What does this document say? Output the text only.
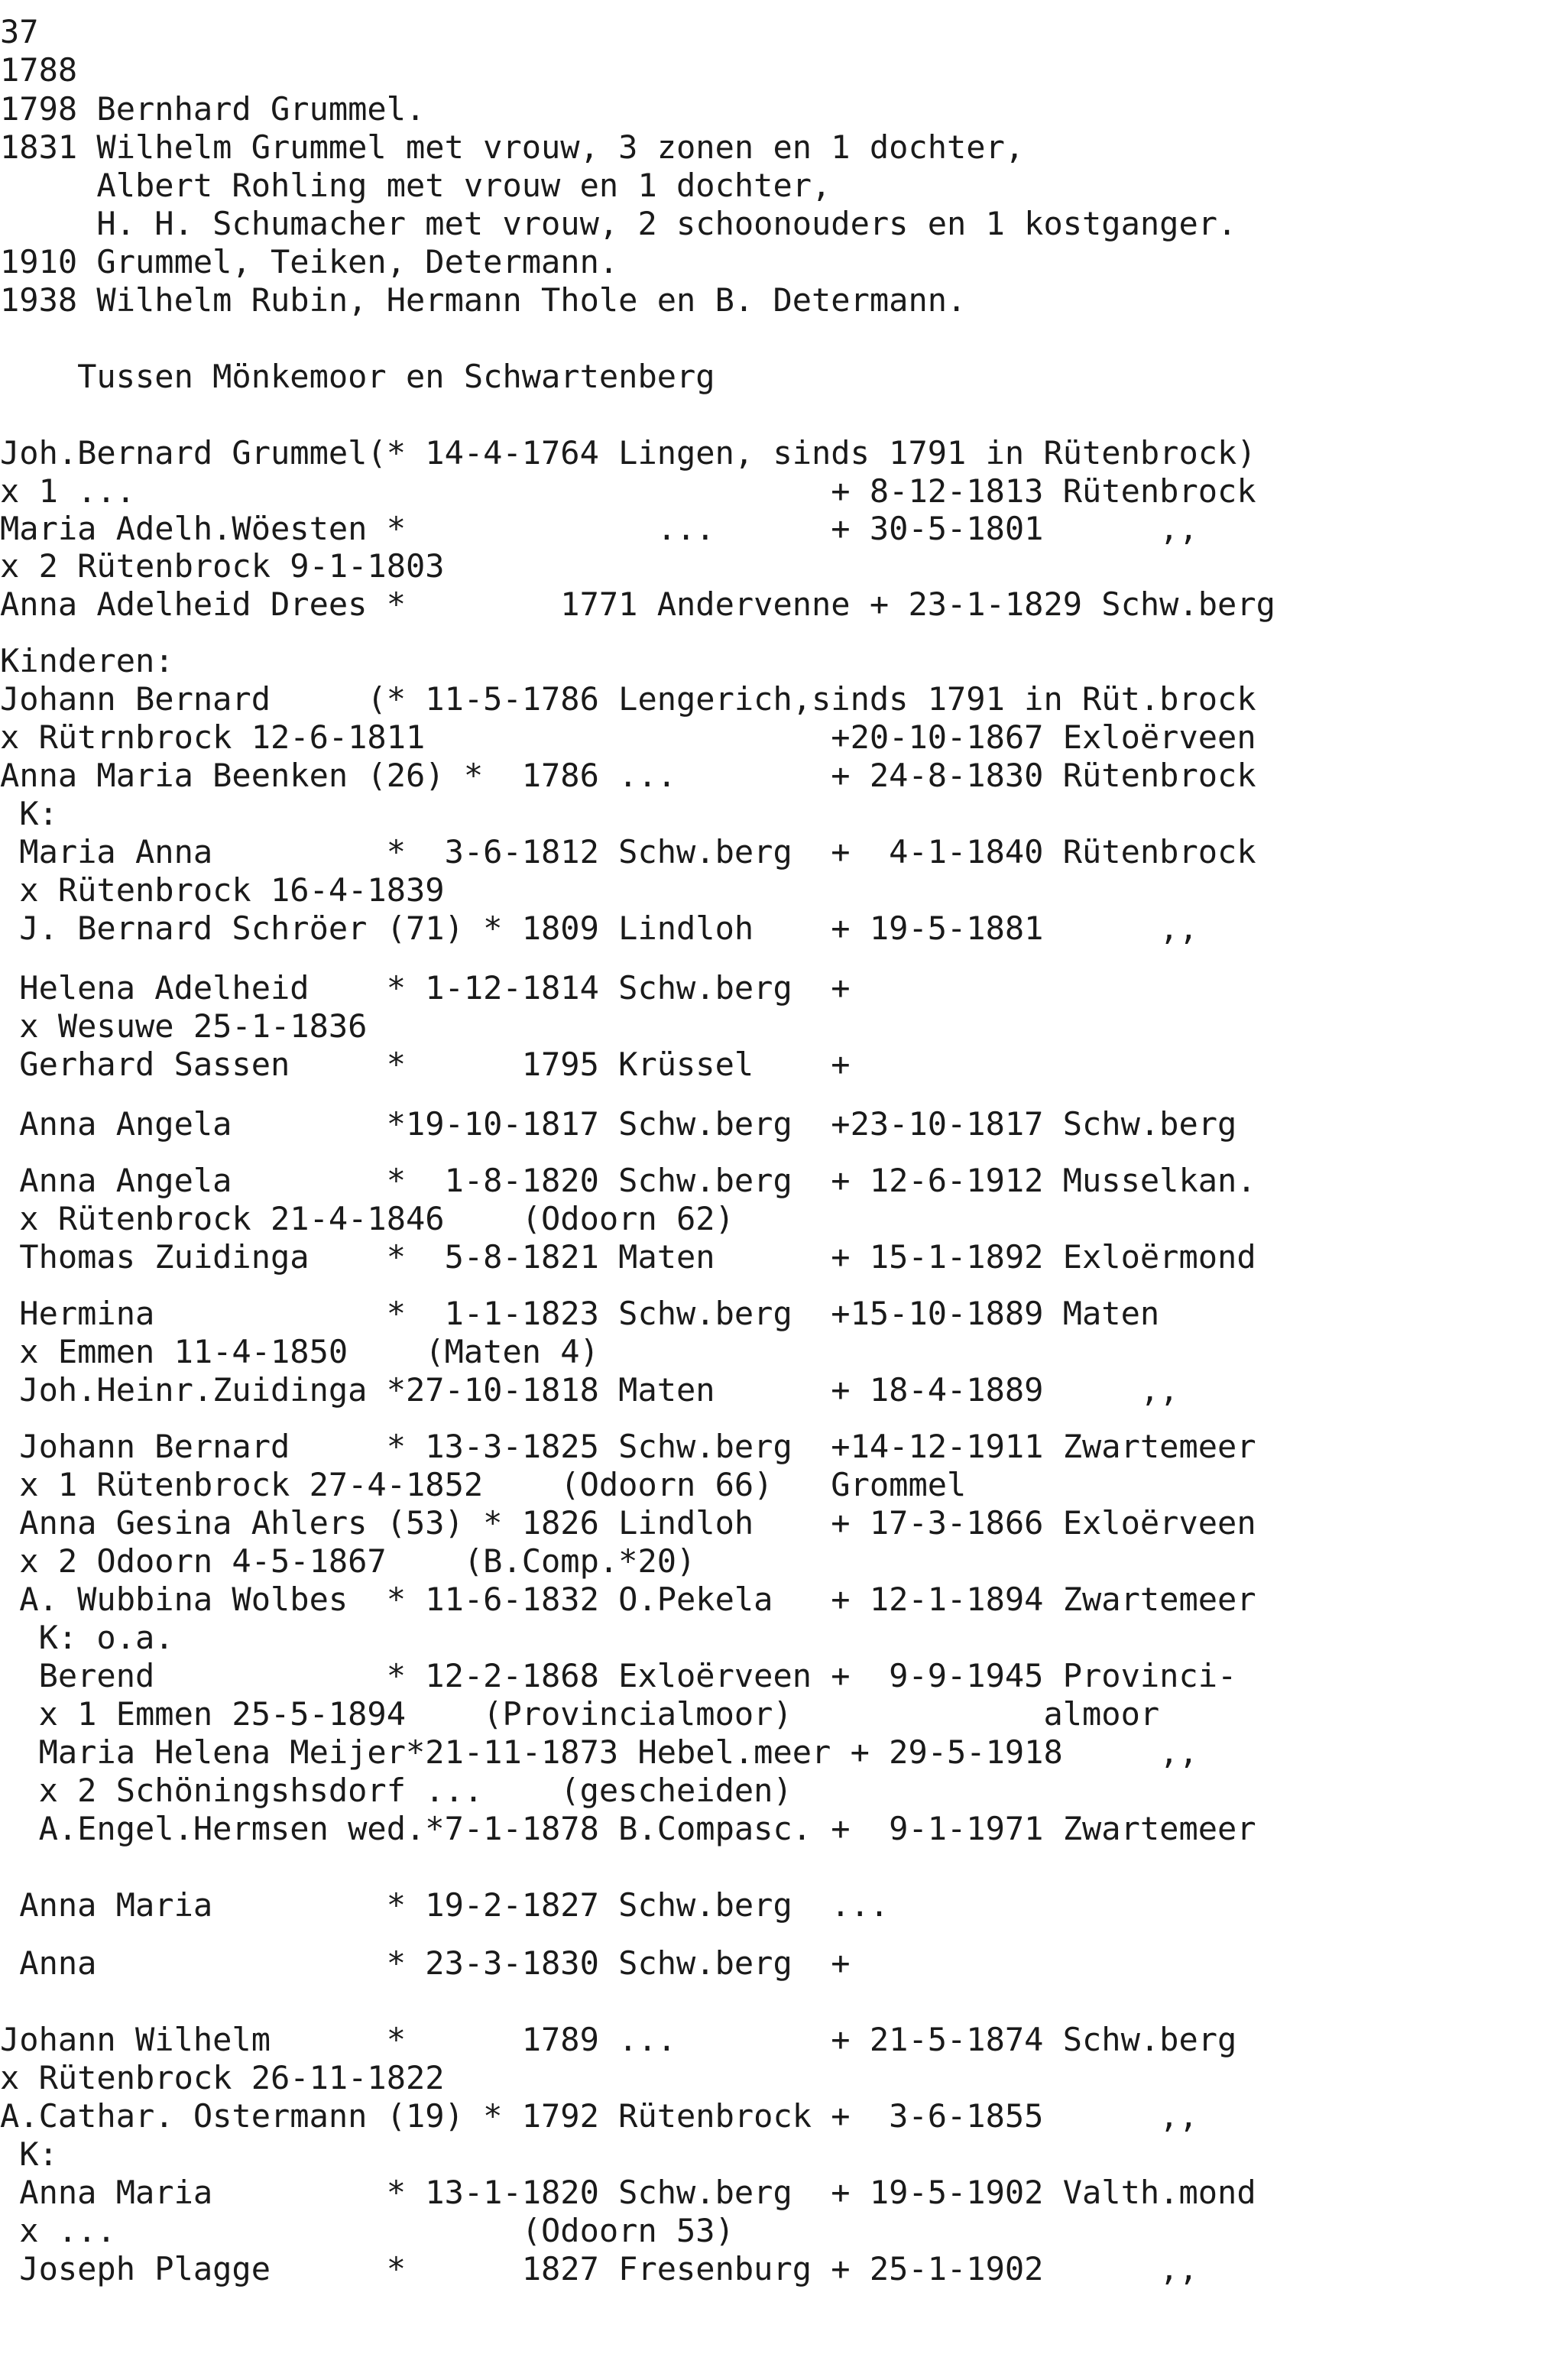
37
1788
1798 Bernhard Grummel.
1831 Wilhelm Grummel met vrouw, 3 zonen en 1 dochter,
Albert Rohling met vrouw en 1 dochter,
H. H. Schumacher met vrouw, 2 schoonouders en 1 kostganger.
1910 Grummel, Teiken, Determann.
1938 Wilhelm Rubin, Hermann Thole en B. Determann.
Tussen Mönkemoor en Schwartenberg
Joh.Bernard Grummel(* 14-4-1764 Lingen, sinds 1791 in Rütenbrock)
x 1 ...                                    + 8-12-1813 Rütenbrock
Maria Adelh.Wöesten *             ...      + 30-5-1801      ,,
x 2 Rütenbrock 9-1-1803
Anna Adelheid Drees *        1771 Andervenne + 23-1-1829 Schw.berg
Kinderen:
Johann Bernard     (* 11-5-1786 Lengerich,sinds 1791 in Rüt.brock
x Rütrnbrock 12-6-1811                     +20-10-1867 Exloërveen
Anna Maria Beenken (26) *  1786 ...        + 24-8-1830 Rütenbrock
K:
Maria Anna         *  3-6-1812 Schw.berg  +  4-1-1840 Rütenbrock
x Rütenbrock 16-4-1839
J. Bernard Schröer (71) * 1809 Lindloh    + 19-5-1881      ,,
Helena Adelheid    * 1-12-1814 Schw.berg  +
x Wesuwe 25-1-1836
Gerhard Sassen     *      1795 Krüssel    +
Anna Angela        *19-10-1817 Schw.berg  +23-10-1817 Schw.berg
Anna Angela        *  1-8-1820 Schw.berg  + 12-6-1912 Musselkan.
x Rütenbrock 21-4-1846    (Odoorn 62)
Thomas Zuidinga    *  5-8-1821 Maten      + 15-1-1892 Exloërmond
Hermina            *  1-1-1823 Schw.berg  +15-10-1889 Maten
x Emmen 11-4-1850    (Maten 4)
Joh.Heinr.Zuidinga *27-10-1818 Maten      + 18-4-1889     ,,
Johann Bernard     * 13-3-1825 Schw.berg  +14-12-1911 Zwartemeer
x 1 Rütenbrock 27-4-1852    (Odoorn 66)   Grommel
Anna Gesina Ahlers (53) * 1826 Lindloh    + 17-3-1866 Exloërveen
x 2 Odoorn 4-5-1867    (B.Comp.*20)
A. Wubbina Wolbes  * 11-6-1832 O.Pekela   + 12-1-1894 Zwartemeer
K: o.a.
Berend            * 12-2-1868 Exloërveen +  9-9-1945 Provinci-
x 1 Emmen 25-5-1894    (Provincialmoor)             almoor
Maria Helena Meijer*21-11-1873 Hebel.meer + 29-5-1918     ,,
x 2 Schöningshsdorf ...    (gescheiden)
A.Engel.Hermsen wed.*7-1-1878 B.Compasc. +  9-1-1971 Zwartemeer
Anna Maria         * 19-2-1827 Schw.berg  ...
Anna               * 23-3-1830 Schw.berg  +
Johann Wilhelm      *      1789 ...        + 21-5-1874 Schw.berg
x Rütenbrock 26-11-1822
A.Cathar. Ostermann (19) * 1792 Rütenbrock +  3-6-1855      ,,
K:
Anna Maria         * 13-1-1820 Schw.berg  + 19-5-1902 Valth.mond
x ...                     (Odoorn 53)
Joseph Plagge      *      1827 Fresenburg + 25-1-1902      ,,
